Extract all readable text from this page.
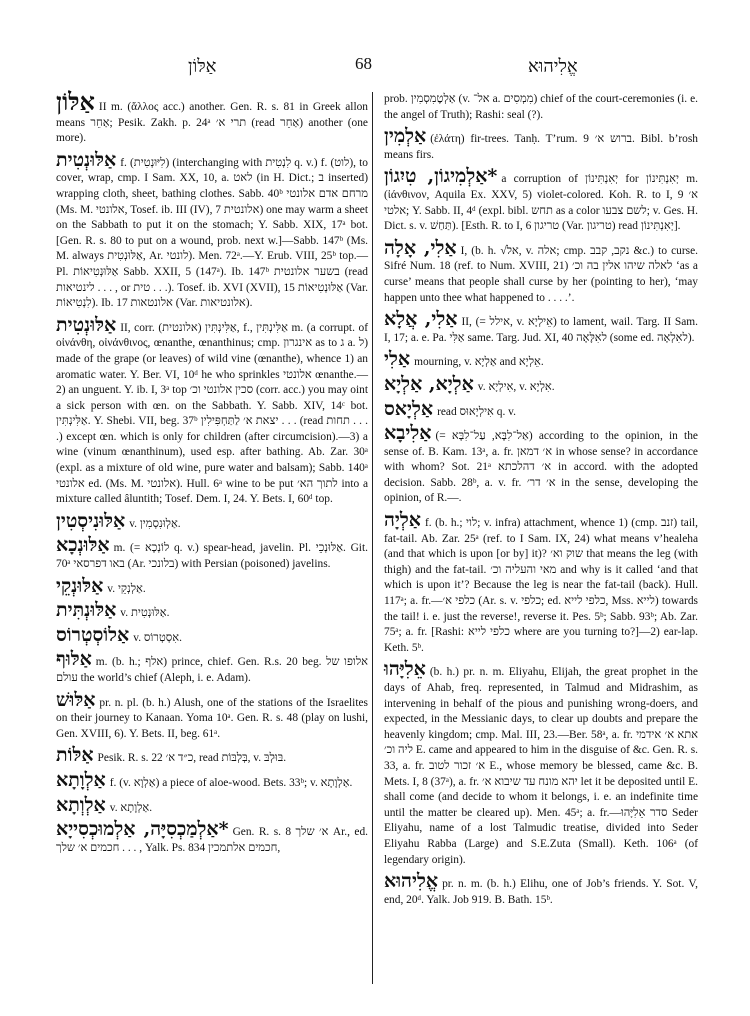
אַלּוֹן	68	אֱלִיהוּא

אַלּוֹן II m. (ἄλλος acc.) another. Gen. R. s. 81 in Greek allon means אַחֵר; Pesik. Zakh. p. 24ᵃ תרי א׳ (read אַחֵר) another (one more).

אַלּוּנְטִית f. (לִיּוּנְטִית) (interchanging with לִנְטִית q. v.) f. (לוט), to cover, wrap, cmp. I Sam. XX, 10, a. לאט (in H. Dict.; ב inserted) wrapping cloth, sheet, bathing clothes. Sabb. 40ᵇ מרחם אדם אלונטי (Ms. M. אלונטי, Tosef. ib. III (IV), 7 אלונטית) one may warm a sheet on the Sabbath to put it on the stomach; Y. Sabb. XIX, 17ᵃ bot. [Gen. R. s. 80 to put on a wound, prob. next w.]—Sabb. 147ᵇ (Ms. M. always אַלּוּנְטִית, Ar. לונטי). Men. 72ᵃ.—Y. Erub. VIII, 25ᵇ top.—Pl. אַלּוּנְטִיאוֹת Sabb. XXII, 5 (147ᵃ). Ib. 147ᵇ בשער אלונטית (read לינטיאות . . . , or טית . . .). Tosef. ib. XVI (XVII), 15 אַלּוּנְטִיאוֹת (Var. לִנְטִיאוֹת). Ib. 17 אלונטאות (Var. אלונטיאות).

אַלּוּנְטִית II, corr. אַלִּינְתִּין (אלונטית), f., אַלִּינְתִּין m. (a corrupt. of οἰνάνθη, οἰνάνθινος, œnanthe, œnanthinus; cmp. אינגרון as to ג a. ל) made of the grape (or leaves) of wild vine (œnanthe), whence 1) an aromatic water. Y. Ber. VI, 10ᵈ he who sprinkles אלונטי œnanthe.—2) an unguent. Y. ib. I, 3ᵃ top סכין אלונטי וכ׳ (corr. acc.) you may oint a sick person with œn. on the Sabbath. Y. Sabb. XIV, 14ᶜ bot. אַלִּינְתִּין. Y. Shebi. VII, beg. 37ᵇ יצאת א׳ לַתַּחְפִּילִין . . . (read תחות . . . .) except œn. which is only for children (after circumcision).—3) a wine (vinum œnanthinum), used esp. after bathing. Ab. Zar. 30ᵃ (expl. as a mixture of old wine, pure water and balsam); Sabb. 140ᵃ אלונטי ed. (Ms. M. אלונטי). Hull. 6ᵃ wine to be put לתוך הא׳ into a mixture called âluntith; Tosef. Dem. I, 24. Y. Bets. I, 60ᵈ top.

אַלּוּנִיסְטִין v. אַלְוּנִסְמִין.

אַלּוּנְכָא m. (= לוֹנְכָא q. v.) spear-head, javelin. Pl. אַלּוּנְכֵי. Git. 70ᵃ באו דפרסאי (Ar. בלונכי) with Persian (poisoned) javelins.

אַלּוּנְקֵי v. אַלְנְקֵי.

אַלּוּנְתִּית v. אַלּוּנְטִית.

אַלוֹסְטְרוֹס v. אִסְטְרוֹס.

אַלּוּף m. (b. h.; אלף) prince, chief. Gen. R.s. 20 beg. אלופו של עולם the world’s chief (Aleph, i. e. Adam).

אַלּוּשׁ pr. n. pl. (b. h.) Alush, one of the stations of the Israelites on their journey to Kanaan. Yoma 10ᵃ. Gen. R. s. 48 (play on lushi, Gen. XVIII, 6). Y. Bets. II, beg. 61ᵃ.

אַלּוֹת Pesik. R. s. 22 כ״ד א׳, read בְּלְבּוֹת, v. בּוּלְבּ.

אַלְוָתָא f. (v. אַלְוָא) a piece of aloe-wood. Bets. 33ᵇ; v. אַלְוָתָא.

אַלְוְתָא v. אַלְוָתָא.

*אַלְמַכְסִיָּה, אַלְמוּכְסִייָא Gen. R. s. 8 א׳ שלך Ar., ed. חכמים א׳ שלך . . . , Yalk. Ps. 834 חכמים אלתמכין,

prob. אַלְטֶמִסְמִין (v. אל־ a. מִמְסִים) chief of the court-ceremonies (i. e. the angel of Truth); Rashi: seal (?).

אַלְמִין (ἐλάτη) fir-trees. Tanḥ. T’rum. 9 ברוש א׳. Bibl. b’rosh means firs.

*אַלְמִיגוֹן, טִיִגוֹן a corruption of יְאִנְתִּינוֹן for יְאִנְתִּינוֹן m. (ἰάνθινον, Aquila Ex. XXV, 5) violet-colored. Koh. R. to I, 9 א׳ אלטי; Y. Sabb. II, 4ᵈ (expl. bibl. תחש as a color לשם צבעו; v. Ges. H. Dict. s. v. תַּחַשׁ). [Esth. R. to I, 6 טריגון (Var. טריגון) read יְאִנְתִּינוֹן].

אַלִי, אָלָה I, (b. h. √אל, v. אלה; cmp. נקב, קבב &c.) to curse. Sifré Num. 18 (ref. to Num. XVIII, 21) לאלה שיהו אלין בה וכ׳ ‘as a curse’ means that people shall curse by her (pointing to her), ‘may happen unto thee what happened to . . . .’.

אַלִי, אֲלָא II, (= אילל, v. אֵילְיָא) to lament, wail. Targ. II Sam. I, 17; a. e. Pa. אַלִּי same. Targ. Jud. XI, 40 לאִלָּאָה (some ed. לאִלְאָה).

אַלִי mourning, v. אַלְיָא and אֵלְיָא.

אַלְיָא, אַלְיָא v. אִילְיָא, v. אִלְיָא.

אַלְיָאס read אִילְיָאוּס q. v.

אַלִיבָא (= אַל־לִבָּא, עַל־לִבָּא) according to the opinion, in the sense of. B. Kam. 13ᵃ, a. fr. א׳ דמאן in whose sense? in accordance with whom? Sot. 21ᵃ א׳ דהלכתא in accord. with the adopted decision. Sabb. 28ᵇ, a. v. fr. א׳ דר׳ in the sense, developing the opinion, of R.—.

אַלְיָה f. (b. h.; לוי; v. infra) attachment, whence 1) (cmp. זנב) tail, fat-tail. Ab. Zar. 25ᵃ (ref. to I Sam. IX, 24) what means v’healeha (and that which is upon [or by] it)? שוק וא׳ that means the leg (with thigh) and the fat-tail. מאי והעליה וכ׳ and why is it called ‘and that which is upon it’? Because the leg is near the fat-tail (back). Hull. 117ᵃ; a. fr.—כלפי א׳ (Ar. s. v. כלפי; ed. כלפי לייא, Mss. לייא) towards the tail! i. e. just the reverse!, reverse it. Pes. 5ᵇ; Sabb. 93ᵇ; Ab. Zar. 75ᵃ; a. fr. [Rashi: כלפי לייא where are you turning to?]—2) ear-lap. Keth. 5ᵇ.

אֵלִיָּהוּ (b. h.) pr. n. m. Eliyahu, Elijah, the great prophet in the days of Ahab, freq. represented, in Talmud and Midrashim, as intervening in behalf of the pious and punishing wrong-doers, and expected, in the Messianic days, to clear up doubts and prepare the heavenly kingdom; cmp. Mal. III, 23.—Ber. 58ᵃ, a. fr. אתא א׳ אידמי ליה וכ׳ E. came and appeared to him in the disguise of &c. Gen. R. s. 33, a. fr. א׳ זכור לטוב E., whose memory be blessed, came &c. B. Mets. I, 8 (37ᵃ), a. fr. יהא מונח עד שיבוא א׳ let it be deposited until E. shall come (and decide to whom it belongs, i. e. an indefinite time until the matter be cleared up). Men. 45ᵃ; a. fr.—סדר אֵלִיָּהוּ Seder Eliyahu, name of a lost Talmudic treatise, divided into Seder Eliyahu Rabba (Large) and S.E.Zuta (Small). Keth. 106ᵃ (of legendary origin).

אֱלִיהוּא pr. n. m. (b. h.) Elihu, one of Job’s friends. Y. Sot. V, end, 20ᵈ. Yalk. Job 919. B. Bath. 15ᵇ.
